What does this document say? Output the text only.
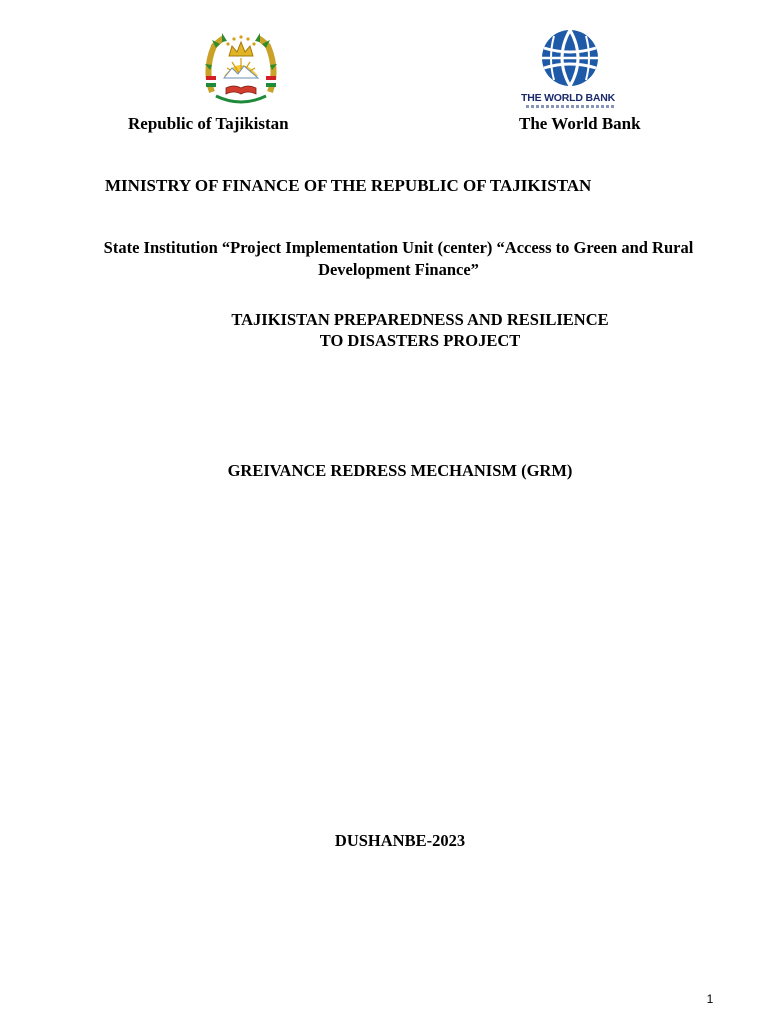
THE WORLD BANK
Republic of Tajikistan	The World Bank
MINISTRY OF FINANCE OF THE REPUBLIC OF TAJIKISTAN
State Institution “Project Implementation Unit (center) “Access to Green and Rural Development Finance”
TAJIKISTAN PREPAREDNESS AND RESILIENCE
TO DISASTERS PROJECT
GREIVANCE REDRESS MECHANISM (GRM)
DUSHANBE-2023
1
